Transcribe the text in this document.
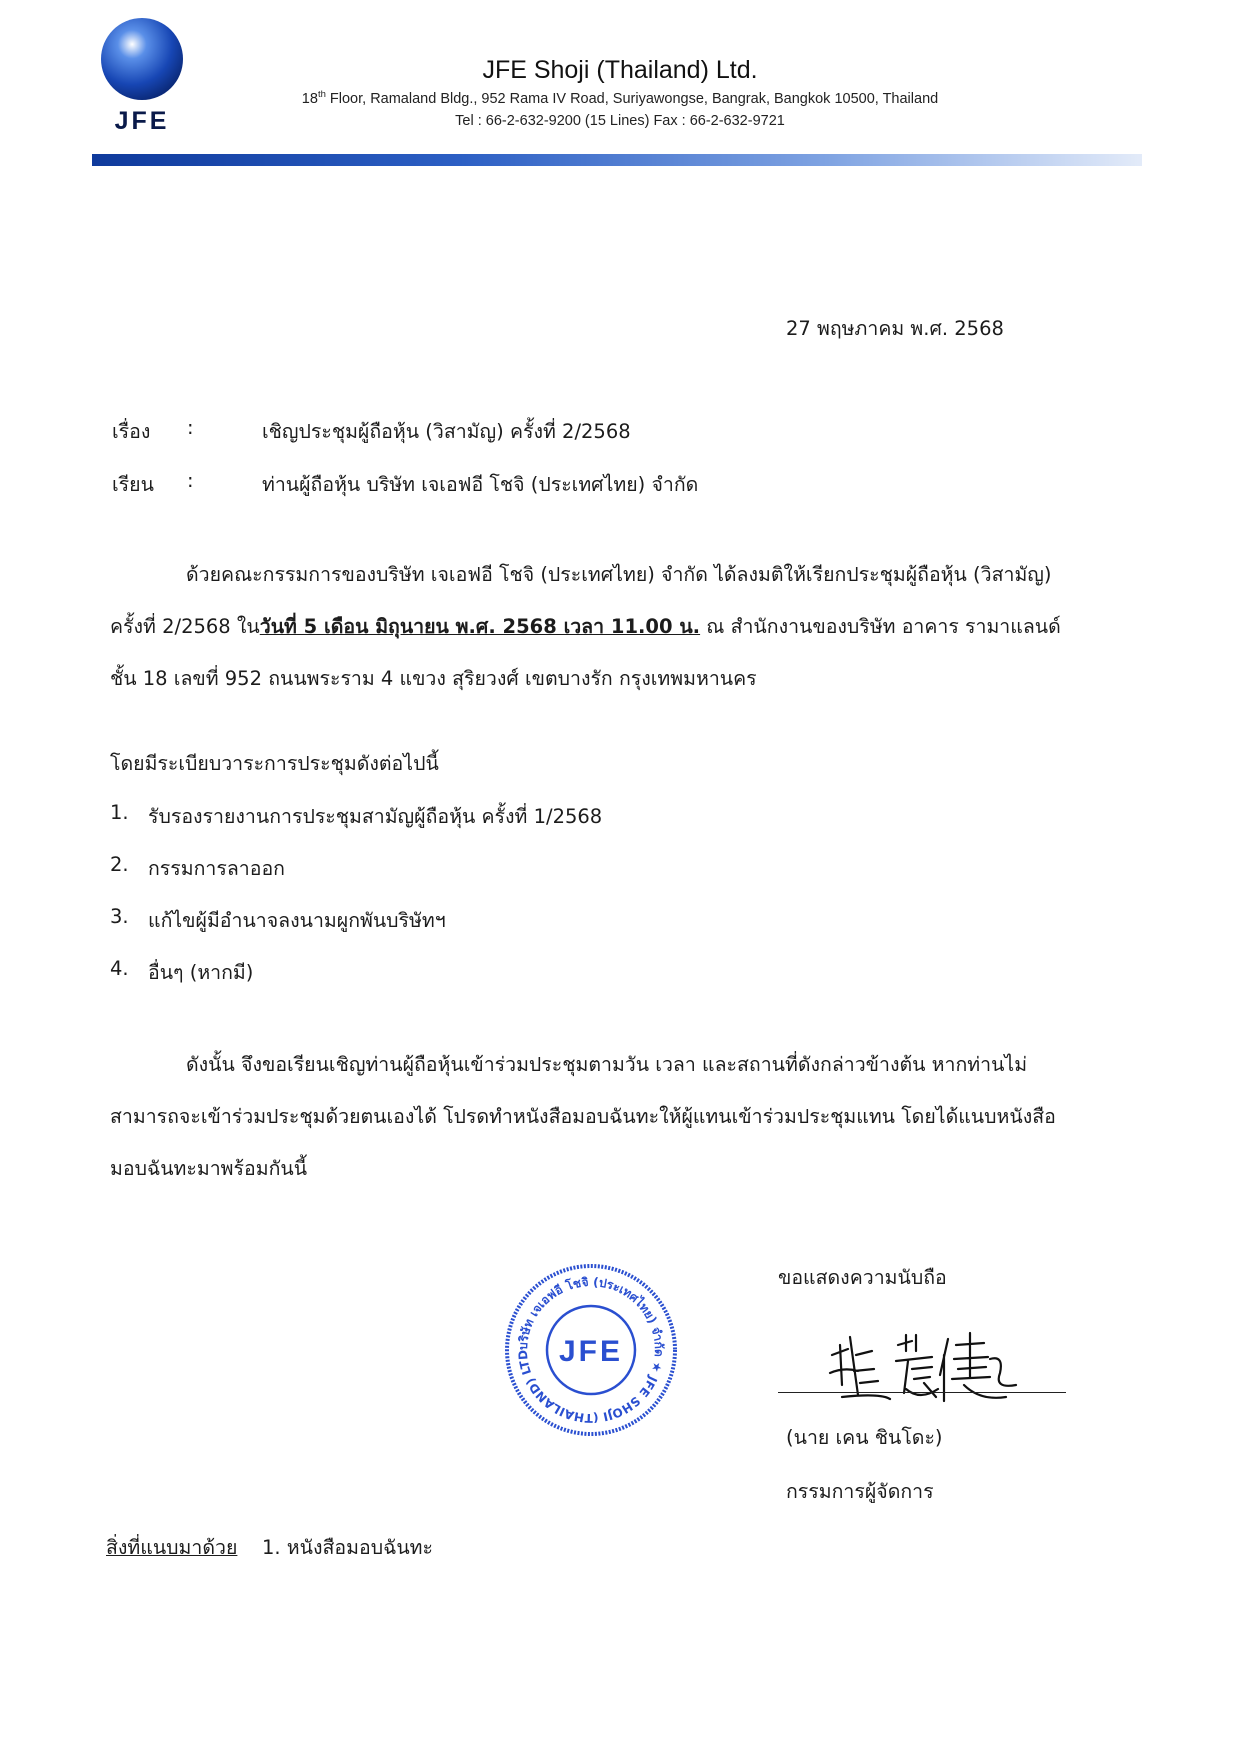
JFE
JFE Shoji (Thailand) Ltd.
18th Floor, Ramaland Bldg., 952 Rama IV Road, Suriyawongse, Bangrak, Bangkok 10500, Thailand
Tel : 66-2-632-9200 (15 Lines) Fax : 66-2-632-9721
27 พฤษภาคม พ.ศ. 2568
เรื่อง :	เชิญประชุมผู้ถือหุ้น (วิสามัญ) ครั้งที่ 2/2568
เรียน :	ท่านผู้ถือหุ้น บริษัท เจเอฟอี โชจิ (ประเทศไทย) จำกัด
ด้วยคณะกรรมการของบริษัท เจเอฟอี โชจิ (ประเทศไทย) จำกัด ได้ลงมติให้เรียกประชุมผู้ถือหุ้น (วิสามัญ)
ครั้งที่ 2/2568 ในวันที่ 5 เดือน มิถุนายน พ.ศ. 2568 เวลา 11.00 น. ณ สำนักงานของบริษัท อาคาร รามาแลนด์
ชั้น 18 เลขที่ 952 ถนนพระราม 4 แขวง สุริยวงศ์ เขตบางรัก กรุงเทพมหานคร
โดยมีระเบียบวาระการประชุมดังต่อไปนี้
1. รับรองรายงานการประชุมสามัญผู้ถือหุ้น ครั้งที่ 1/2568
2. กรรมการลาออก
3. แก้ไขผู้มีอำนาจลงนามผูกพันบริษัทฯ
4. อื่นๆ (หากมี)
ดังนั้น จึงขอเรียนเชิญท่านผู้ถือหุ้นเข้าร่วมประชุมตามวัน เวลา และสถานที่ดังกล่าวข้างต้น หากท่านไม่
สามารถจะเข้าร่วมประชุมด้วยตนเองได้ โปรดทำหนังสือมอบฉันทะให้ผู้แทนเข้าร่วมประชุมแทน โดยได้แนบหนังสือ
มอบฉันทะมาพร้อมกันนี้
บริษัท เจเอฟอี โชจิ (ประเทศไทย) จำกัด ★ JFE SHOJI (THAILAND) LTD JFE
ขอแสดงความนับถือ
(นาย เคน ชินโดะ)
กรรมการผู้จัดการ
สิ่งที่แนบมาด้วย 1. หนังสือมอบฉันทะ
